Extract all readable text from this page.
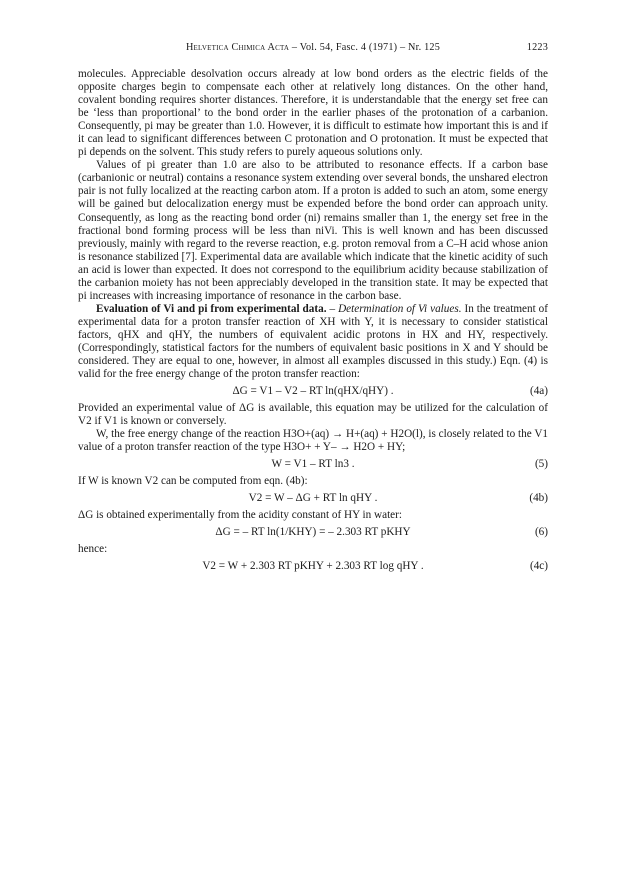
Helvetica Chimica Acta – Vol. 54, Fasc. 4 (1971) – Nr. 125	1223

molecules. Appreciable desolvation occurs already at low bond orders as the electric fields of the opposite charges begin to compensate each other at relatively long distances. On the other hand, covalent bonding requires shorter distances. Therefore, it is understandable that the energy set free can be ‘less than proportional’ to the bond order in the earlier phases of the protonation of a carbanion. Consequently, pi may be greater than 1.0. However, it is difficult to estimate how important this is and if it can lead to significant differences between C protonation and O protonation. It must be expected that pi depends on the solvent. This study refers to purely aqueous solutions only.

Values of pi greater than 1.0 are also to be attributed to resonance effects. If a carbon base (carbanionic or neutral) contains a resonance system extending over several bonds, the unshared electron pair is not fully localized at the reacting carbon atom. If a proton is added to such an atom, some energy will be gained but delocalization energy must be expended before the bond order can approach unity. Consequently, as long as the reacting bond order (ni) remains smaller than 1, the energy set free in the fractional bond forming process will be less than niVi. This is well known and has been discussed previously, mainly with regard to the reverse reaction, e.g. proton removal from a C–H acid whose anion is resonance stabilized [7]. Experimental data are available which indicate that the kinetic acidity of such an acid is lower than expected. It does not correspond to the equilibrium acidity because stabilization of the carbanion moiety has not been appreciably developed in the transition state. It may be expected that pi increases with increasing importance of resonance in the carbon base.

Evaluation of Vi and pi from experimental data. – Determination of Vi values. In the treatment of experimental data for a proton transfer reaction of XH with Y, it is necessary to consider statistical factors, qHX and qHY, the numbers of equivalent acidic protons in HX and HY, respectively. (Correspondingly, statistical factors for the numbers of equivalent basic positions in X and Y should be considered. They are equal to one, however, in almost all examples discussed in this study.) Eqn. (4) is valid for the free energy change of the proton transfer reaction:

ΔG = V1 – V2 – RT ln(qHX/qHY) .	(4a)

Provided an experimental value of ΔG is available, this equation may be utilized for the calculation of V2 if V1 is known or conversely.

W, the free energy change of the reaction H3O+(aq) → H+(aq) + H2O(l), is closely related to the V1 value of a proton transfer reaction of the type H3O+ + Y– → H2O + HY;

W = V1 – RT ln3 .	(5)

If W is known V2 can be computed from eqn. (4b):

V2 = W – ΔG + RT ln qHY .	(4b)

ΔG is obtained experimentally from the acidity constant of HY in water:

ΔG = – RT ln(1/KHY) = – 2.303 RT pKHY	(6)

hence:

V2 = W + 2.303 RT pKHY + 2.303 RT log qHY .	(4c)
